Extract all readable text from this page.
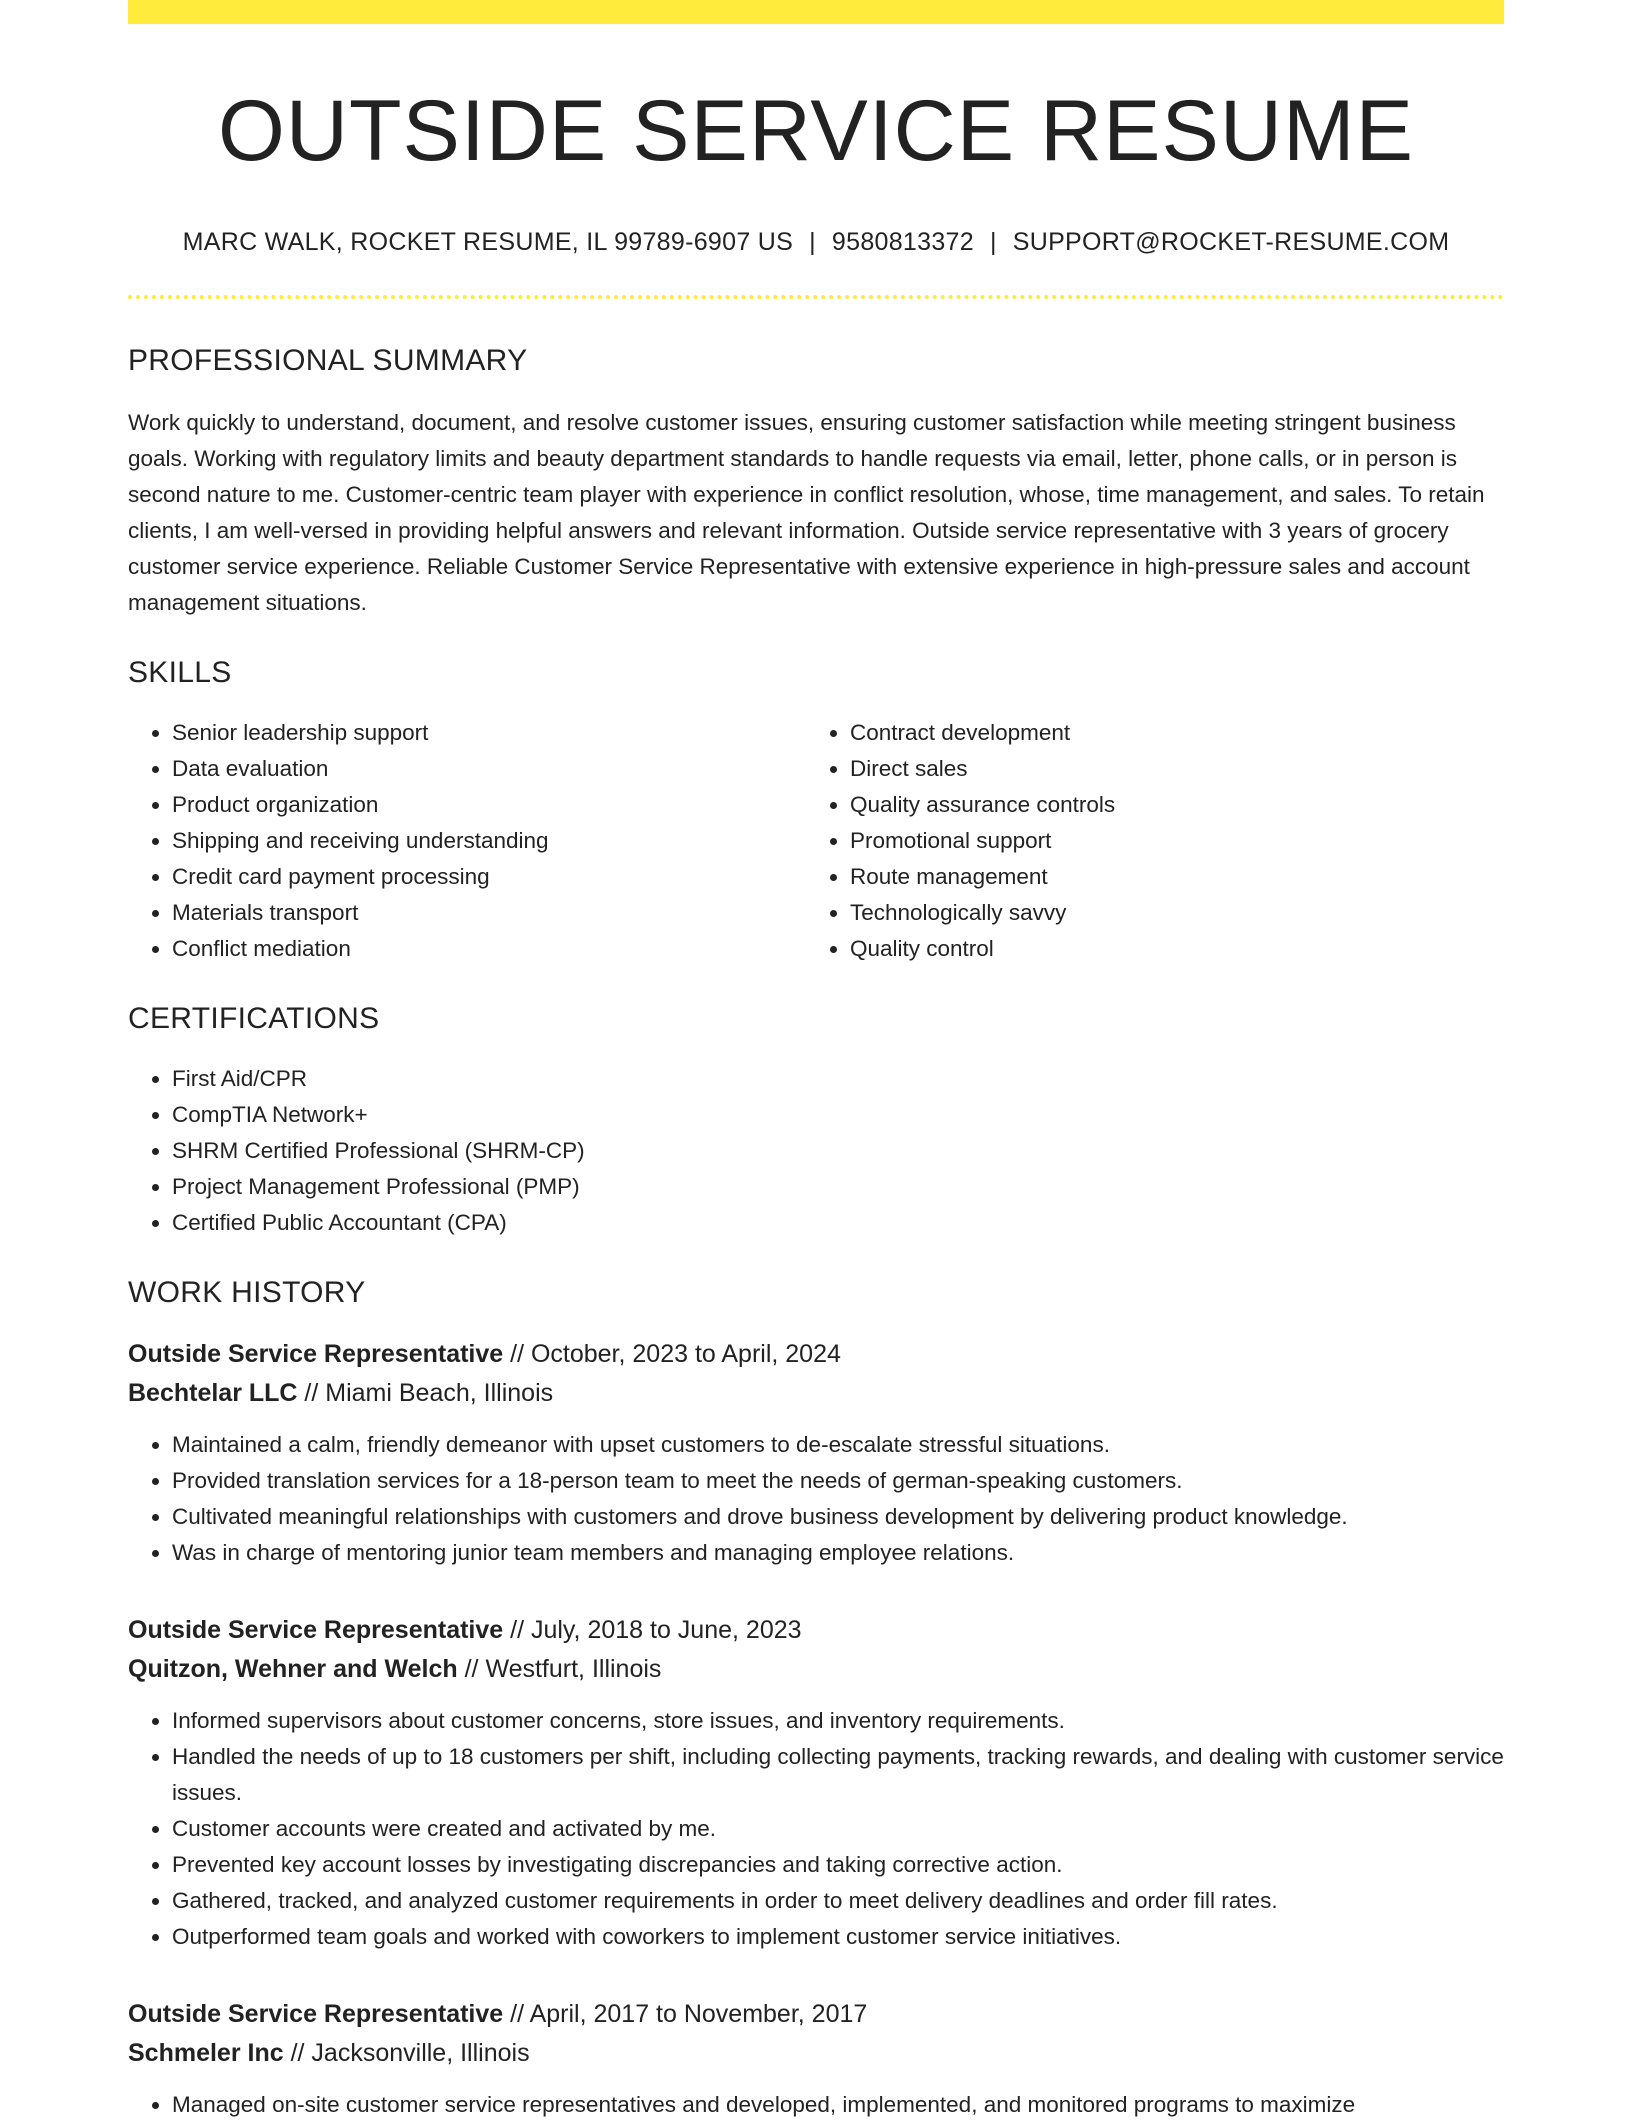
OUTSIDE SERVICE RESUME
MARC WALK, ROCKET RESUME, IL 99789-6907 US | 9580813372 | SUPPORT@ROCKET-RESUME.COM
PROFESSIONAL SUMMARY

Work quickly to understand, document, and resolve customer issues, ensuring customer satisfaction while meeting stringent business goals. Working with regulatory limits and beauty department standards to handle requests via email, letter, phone calls, or in person is second nature to me. Customer-centric team player with experience in conflict resolution, whose, time management, and sales. To retain clients, I am well-versed in providing helpful answers and relevant information. Outside service representative with 3 years of grocery customer service experience. Reliable Customer Service Representative with extensive experience in high-pressure sales and account management situations.

SKILLS
• Senior leadership support
• Data evaluation
• Product organization
• Shipping and receiving understanding
• Credit card payment processing
• Materials transport
• Conflict mediation
• Contract development
• Direct sales
• Quality assurance controls
• Promotional support
• Route management
• Technologically savvy
• Quality control
CERTIFICATIONS
• First Aid/CPR
• CompTIA Network+
• SHRM Certified Professional (SHRM-CP)
• Project Management Professional (PMP)
• Certified Public Accountant (CPA)
WORK HISTORY
Outside Service Representative // October, 2023 to April, 2024
Bechtelar LLC // Miami Beach, Illinois
• Maintained a calm, friendly demeanor with upset customers to de-escalate stressful situations.
• Provided translation services for a 18-person team to meet the needs of german-speaking customers.
• Cultivated meaningful relationships with customers and drove business development by delivering product knowledge.
• Was in charge of mentoring junior team members and managing employee relations.
Outside Service Representative // July, 2018 to June, 2023
Quitzon, Wehner and Welch // Westfurt, Illinois
• Informed supervisors about customer concerns, store issues, and inventory requirements.
• Handled the needs of up to 18 customers per shift, including collecting payments, tracking rewards, and dealing with customer service issues.
• Customer accounts were created and activated by me.
• Prevented key account losses by investigating discrepancies and taking corrective action.
• Gathered, tracked, and analyzed customer requirements in order to meet delivery deadlines and order fill rates.
• Outperformed team goals and worked with coworkers to implement customer service initiatives.
Outside Service Representative // April, 2017 to November, 2017
Schmeler Inc // Jacksonville, Illinois
• Managed on-site customer service representatives and developed, implemented, and monitored programs to maximize
